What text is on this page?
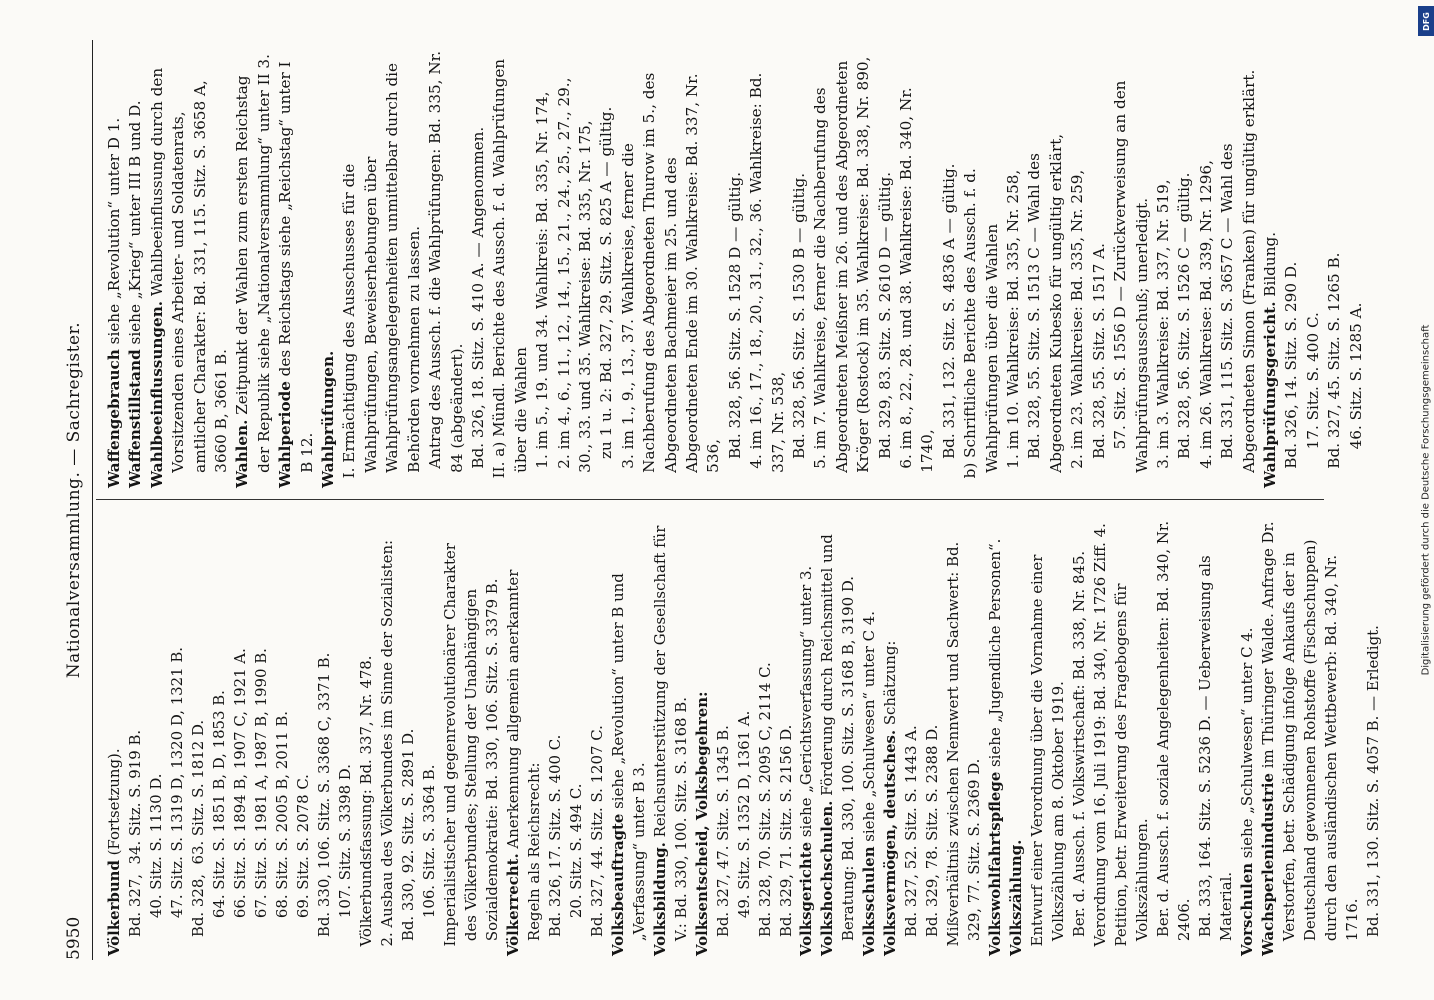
5950
Nationalversammlung. — Sachregister.

Völkerbund (Fortsetzung).

Bd. 327,  34. Sitz. S. 919 B. 40. Sitz. S. 1130 D.

47. Sitz. S. 1319 D, 1320 D, 1321 B.

Bd. 328,  63. Sitz. S. 1812 D. 64. Sitz. S. 1851 B, D, 1853 B.

66. Sitz. S. 1894 B, 1907 C, 1921 A.

67. Sitz. S. 1981 A, 1987 B, 1990 B.

68. Sitz. S. 2005 B, 2011 B.

69. Sitz. S. 2078 C.

Bd. 330, 106. Sitz. S. 3368 C, 3371 B. 107. Sitz. S. 3398 D.

Völkerbundsfassung: Bd. 337, Nr. 478.

2. Ausbau des Völkerbundes im Sinne der Sozialisten: Bd. 330, 92. Sitz. S. 2891 D. 106. Sitz. S. 3364 B.

Imperialistischer und gegenrevolutionärer Charakter des Völkerbundes; Stellung der Unabhängigen Sozialdemokratie: Bd. 330, 106. Sitz. S. 3379 B. Völkerrecht. Anerkennung allgemein anerkannter Regeln als Reichsrecht:

Bd. 326, 17. Sitz. S. 400 C. 20. Sitz. S. 494 C.

Bd. 327, 44. Sitz. S. 1207 C. Volksbeauftragte siehe „Revolution“ unter B und „Verfassung“ unter B 3. Volksbildung. Reichsunterstützung der Gesellschaft für V.: Bd. 330, 100. Sitz. S. 3168 B. Volksentscheid, Volksbegehren: Bd. 327, 47. Sitz. S. 1345 B. 49. Sitz. S. 1352 D, 1361 A.

Bd. 328, 70. Sitz. S. 2095 C, 2114 C.

Bd. 329, 71. Sitz. S. 2156 D. Volksgerichte siehe „Gerichtsverfassung“ unter 3.

Volkshochschulen. Förderung durch Reichsmittel und Beratung: Bd. 330, 100. Sitz. S. 3168 B, 3190 D. Volksschulen siehe „Schulwesen“ unter C 4. Volksvermögen, deutsches. Schätzung:

Bd. 327, 52. Sitz. S. 1443 A.

Bd. 329, 78. Sitz. S. 2388 D.

Mißverhältnis zwischen Nennwert und Sachwert: Bd. 329, 77. Sitz. S. 2369 D. Volkswohlfahrtspflege siehe „Jugendliche Personen“.

Volkszählung. Entwurf einer Verordnung über die Vornahme einer Volkszählung am 8. Oktober 1919.

Ber. d. Aussch. f. Volkswirtschaft: Bd. 338, Nr. 845.

Verordnung vom 16. Juli 1919: Bd. 340, Nr. 1726 Ziff. 4.

Petition, betr. Erweiterung des Fragebogens für Volkszählungen.

Ber. d. Aussch. f. soziale Angelegenheiten: Bd. 340, Nr. 2406.

Bd. 333, 164. Sitz. S. 5236 D. — Ueberweisung als Material. Vorschulen siehe „Schulwesen“ unter C 4.

Wachsperlenindustrie im Thüringer Walde. Anfrage Dr. Verstorfen, betr. Schädigung infolge Ankaufs der in Deutschland gewonnenen Rohstoffe (Fischschuppen) durch den ausländischen Wettbewerb: Bd. 340, Nr. 1716.

Bd. 331, 130. Sitz. S. 4057 B. — Erledigt.

Waffengebrauch siehe „Revolution“ unter D 1.

Waffenstillstand siehe „Krieg“ unter III B und D.

Wahlbeeinflussungen. Wahlbeeinflussung durch den Vorsitzenden eines Arbeiter- und Soldatenrats, amtlicher Charakter: Bd. 331, 115. Sitz. S. 3658 A, 3660 B, 3661 B. Wahlen. Zeitpunkt der Wahlen zum ersten Reichstag der Republik siehe „Nationalversammlung“ unter II 3. Wahlperiode des Reichstags siehe „Reichstag“ unter I B 12. Wahlprüfungen. I. Ermächtigung des Ausschusses für die Wahlprüfungen, Beweiserhebungen über Wahlprüfungsangelegenheiten unmittelbar durch die Behörden vornehmen zu lassen.

Antrag des Aussch. f. die Wahlprüfungen: Bd. 335, Nr. 84 (abgeändert).

Bd. 326, 18. Sitz. S. 410 A. — Angenommen.

II. a) Mündl. Berichte des Aussch. f. d. Wahlprüfungen über die Wahlen

1. im 5., 19. und 34. Wahlkreis: Bd. 335, Nr. 174,

2. im 4., 6., 11., 12., 14., 15., 21., 24., 25., 27., 29., 30., 33. und 35. Wahlkreise: Bd. 335, Nr. 175,

zu 1 u. 2: Bd. 327, 29. Sitz. S. 825 A — gültig.

3. im 1., 9., 13., 37. Wahlkreise, ferner die Nachberufung des Abgeordneten Thurow im 5., des Abgeordneten Bachmeier im 25. und des Abgeordneten Ende im 30. Wahlkreise: Bd. 337, Nr. 536,

Bd. 328, 56. Sitz. S. 1528 D — gültig.

4. im 16., 17., 18., 20., 31., 32., 36. Wahlkreise: Bd. 337, Nr. 538,

Bd. 328, 56. Sitz. S. 1530 B — gültig.

5. im 7. Wahlkreise, ferner die Nachberufung des Abgeordneten Meißner im 26. und des Abgeordneten Kröger (Rostock) im 35. Wahlkreise: Bd. 338, Nr. 890,

Bd. 329, 83. Sitz. S. 2610 D — gültig.

6. im 8., 22., 28. und 38. Wahlkreise: Bd. 340, Nr. 1740,

Bd. 331, 132. Sitz. S. 4836 A — gültig.

b) Schriftliche Berichte des Aussch. f. d. Wahlprüfungen über die Wahlen

1. im 10. Wahlkreise: Bd. 335, Nr. 258,

Bd. 328, 55. Sitz. S. 1513 C — Wahl des Abgeordneten Kubesko für ungültig erklärt,

2. im 23. Wahlkreise: Bd. 335, Nr. 259,

Bd. 328, 55. Sitz. S. 1517 A.

57. Sitz. S. 1556 D — Zurückverweisung an den Wahlprüfungsausschuß; unerledigt.

3. im 3. Wahlkreise: Bd. 337, Nr. 519,

Bd. 328, 56. Sitz. S. 1526 C — gültig.

4. im 26. Wahlkreise: Bd. 339, Nr. 1296,

Bd. 331, 115. Sitz. S. 3657 C — Wahl des Abgeordneten Simon (Franken) für ungültig erklärt. Wahlprüfungsgericht. Bildung.

Bd. 326, 14. Sitz. S. 290 D. 17. Sitz. S. 400 C.

Bd. 327, 45. Sitz. S. 1265 B. 46. Sitz. S. 1285 A.

DFG
Digitalisierung gefördert durch die Deutsche Forschungsgemeinschaft
